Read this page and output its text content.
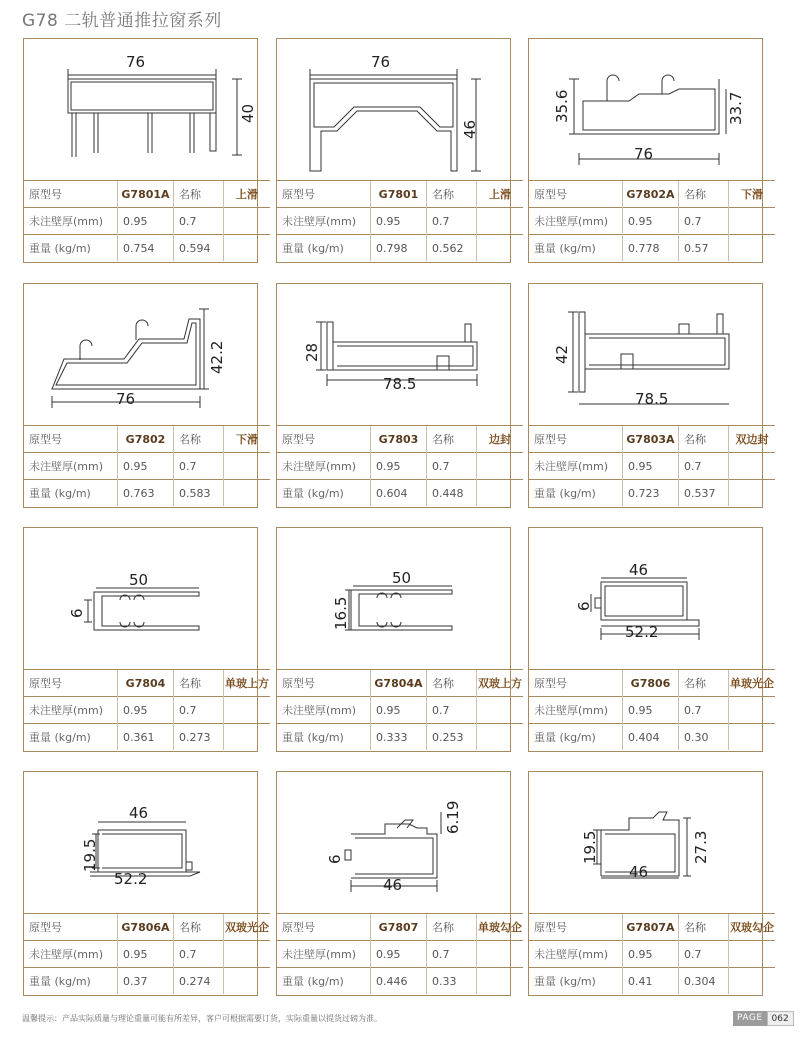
G78 二轨普通推拉窗系列
76
40
原型号	G7801A	名称	上滑
未注壁厚(mm)	0.95	0.7	
重量 (kg/m)	0.754	0.594	
76
46
原型号	G7801	名称	上滑
未注壁厚(mm)	0.95	0.7	
重量 (kg/m)	0.798	0.562	
76
35.6	33.7
原型号	G7802A	名称	下滑
未注壁厚(mm)	0.95	0.7	
重量 (kg/m)	0.778	0.57	
76
42.2
原型号	G7802	名称	下滑
未注壁厚(mm)	0.95	0.7	
重量 (kg/m)	0.763	0.583	
78.5
28
原型号	G7803	名称	边封
未注壁厚(mm)	0.95	0.7	
重量 (kg/m)	0.604	0.448	
78.5
42
原型号	G7803A	名称	双边封
未注壁厚(mm)	0.95	0.7	
重量 (kg/m)	0.723	0.537	
50
6
原型号	G7804	名称	单玻上方
未注壁厚(mm)	0.95	0.7	
重量 (kg/m)	0.361	0.273	
50
16.5
原型号	G7804A	名称	双玻上方
未注壁厚(mm)	0.95	0.7	
重量 (kg/m)	0.333	0.253	
46
6
52.2
原型号	G7806	名称	单玻光企
未注壁厚(mm)	0.95	0.7	
重量 (kg/m)	0.404	0.30	
46
19.5
52.2
原型号	G7806A	名称	双玻光企
未注壁厚(mm)	0.95	0.7	
重量 (kg/m)	0.37	0.274	
6.19
6
46
原型号	G7807	名称	单玻勾企
未注壁厚(mm)	0.95	0.7	
重量 (kg/m)	0.446	0.33	
19.5	27.3
46
原型号	G7807A	名称	双玻勾企
未注壁厚(mm)	0.95	0.7	
重量 (kg/m)	0.41	0.304	
温馨提示：产品实际质量与理论重量可能有所差异，客户可根据需要订货，实际重量以提货过磅为准。	PAGE	062
